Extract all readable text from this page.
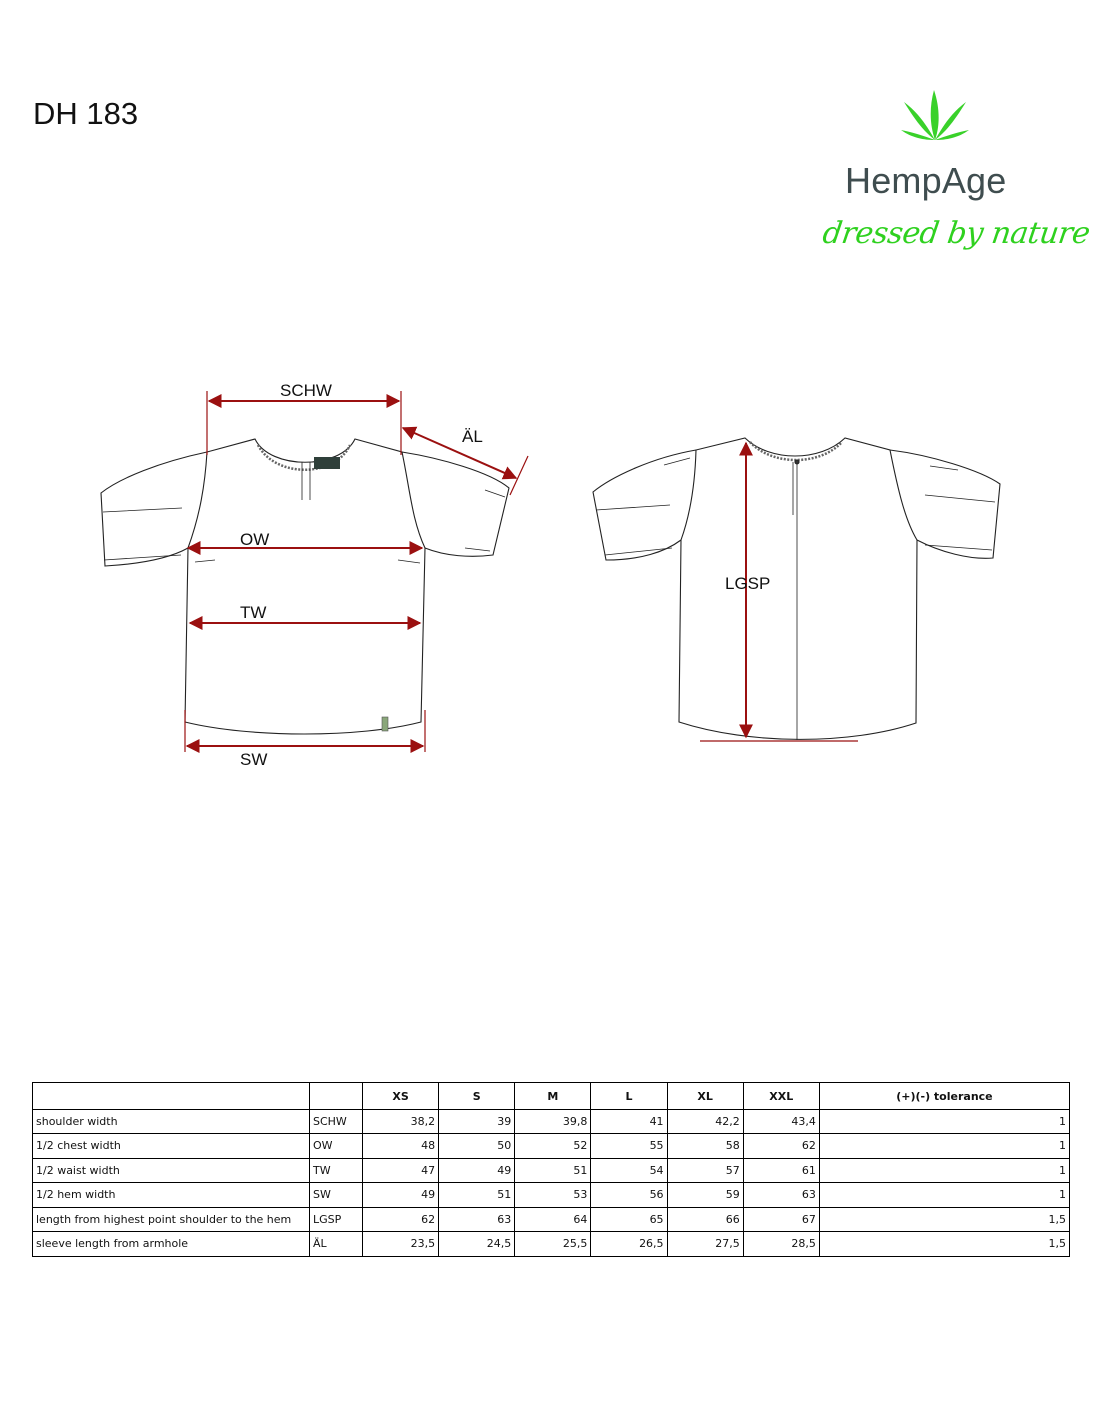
DH 183
HempAge
dressed by nature
SCHW
ÄL
OW
TW
SW
LGSP
		XS	S	M	L	XL	XXL	(+)(-) tolerance
shoulder width	SCHW	38,2	39	39,8	41	42,2	43,4	1
1/2 chest width	OW	48	50	52	55	58	62	1
1/2 waist width	TW	47	49	51	54	57	61	1
1/2 hem width	SW	49	51	53	56	59	63	1
length from highest point shoulder to the hem	LGSP	62	63	64	65	66	67	1,5
sleeve length from armhole	ÄL	23,5	24,5	25,5	26,5	27,5	28,5	1,5
